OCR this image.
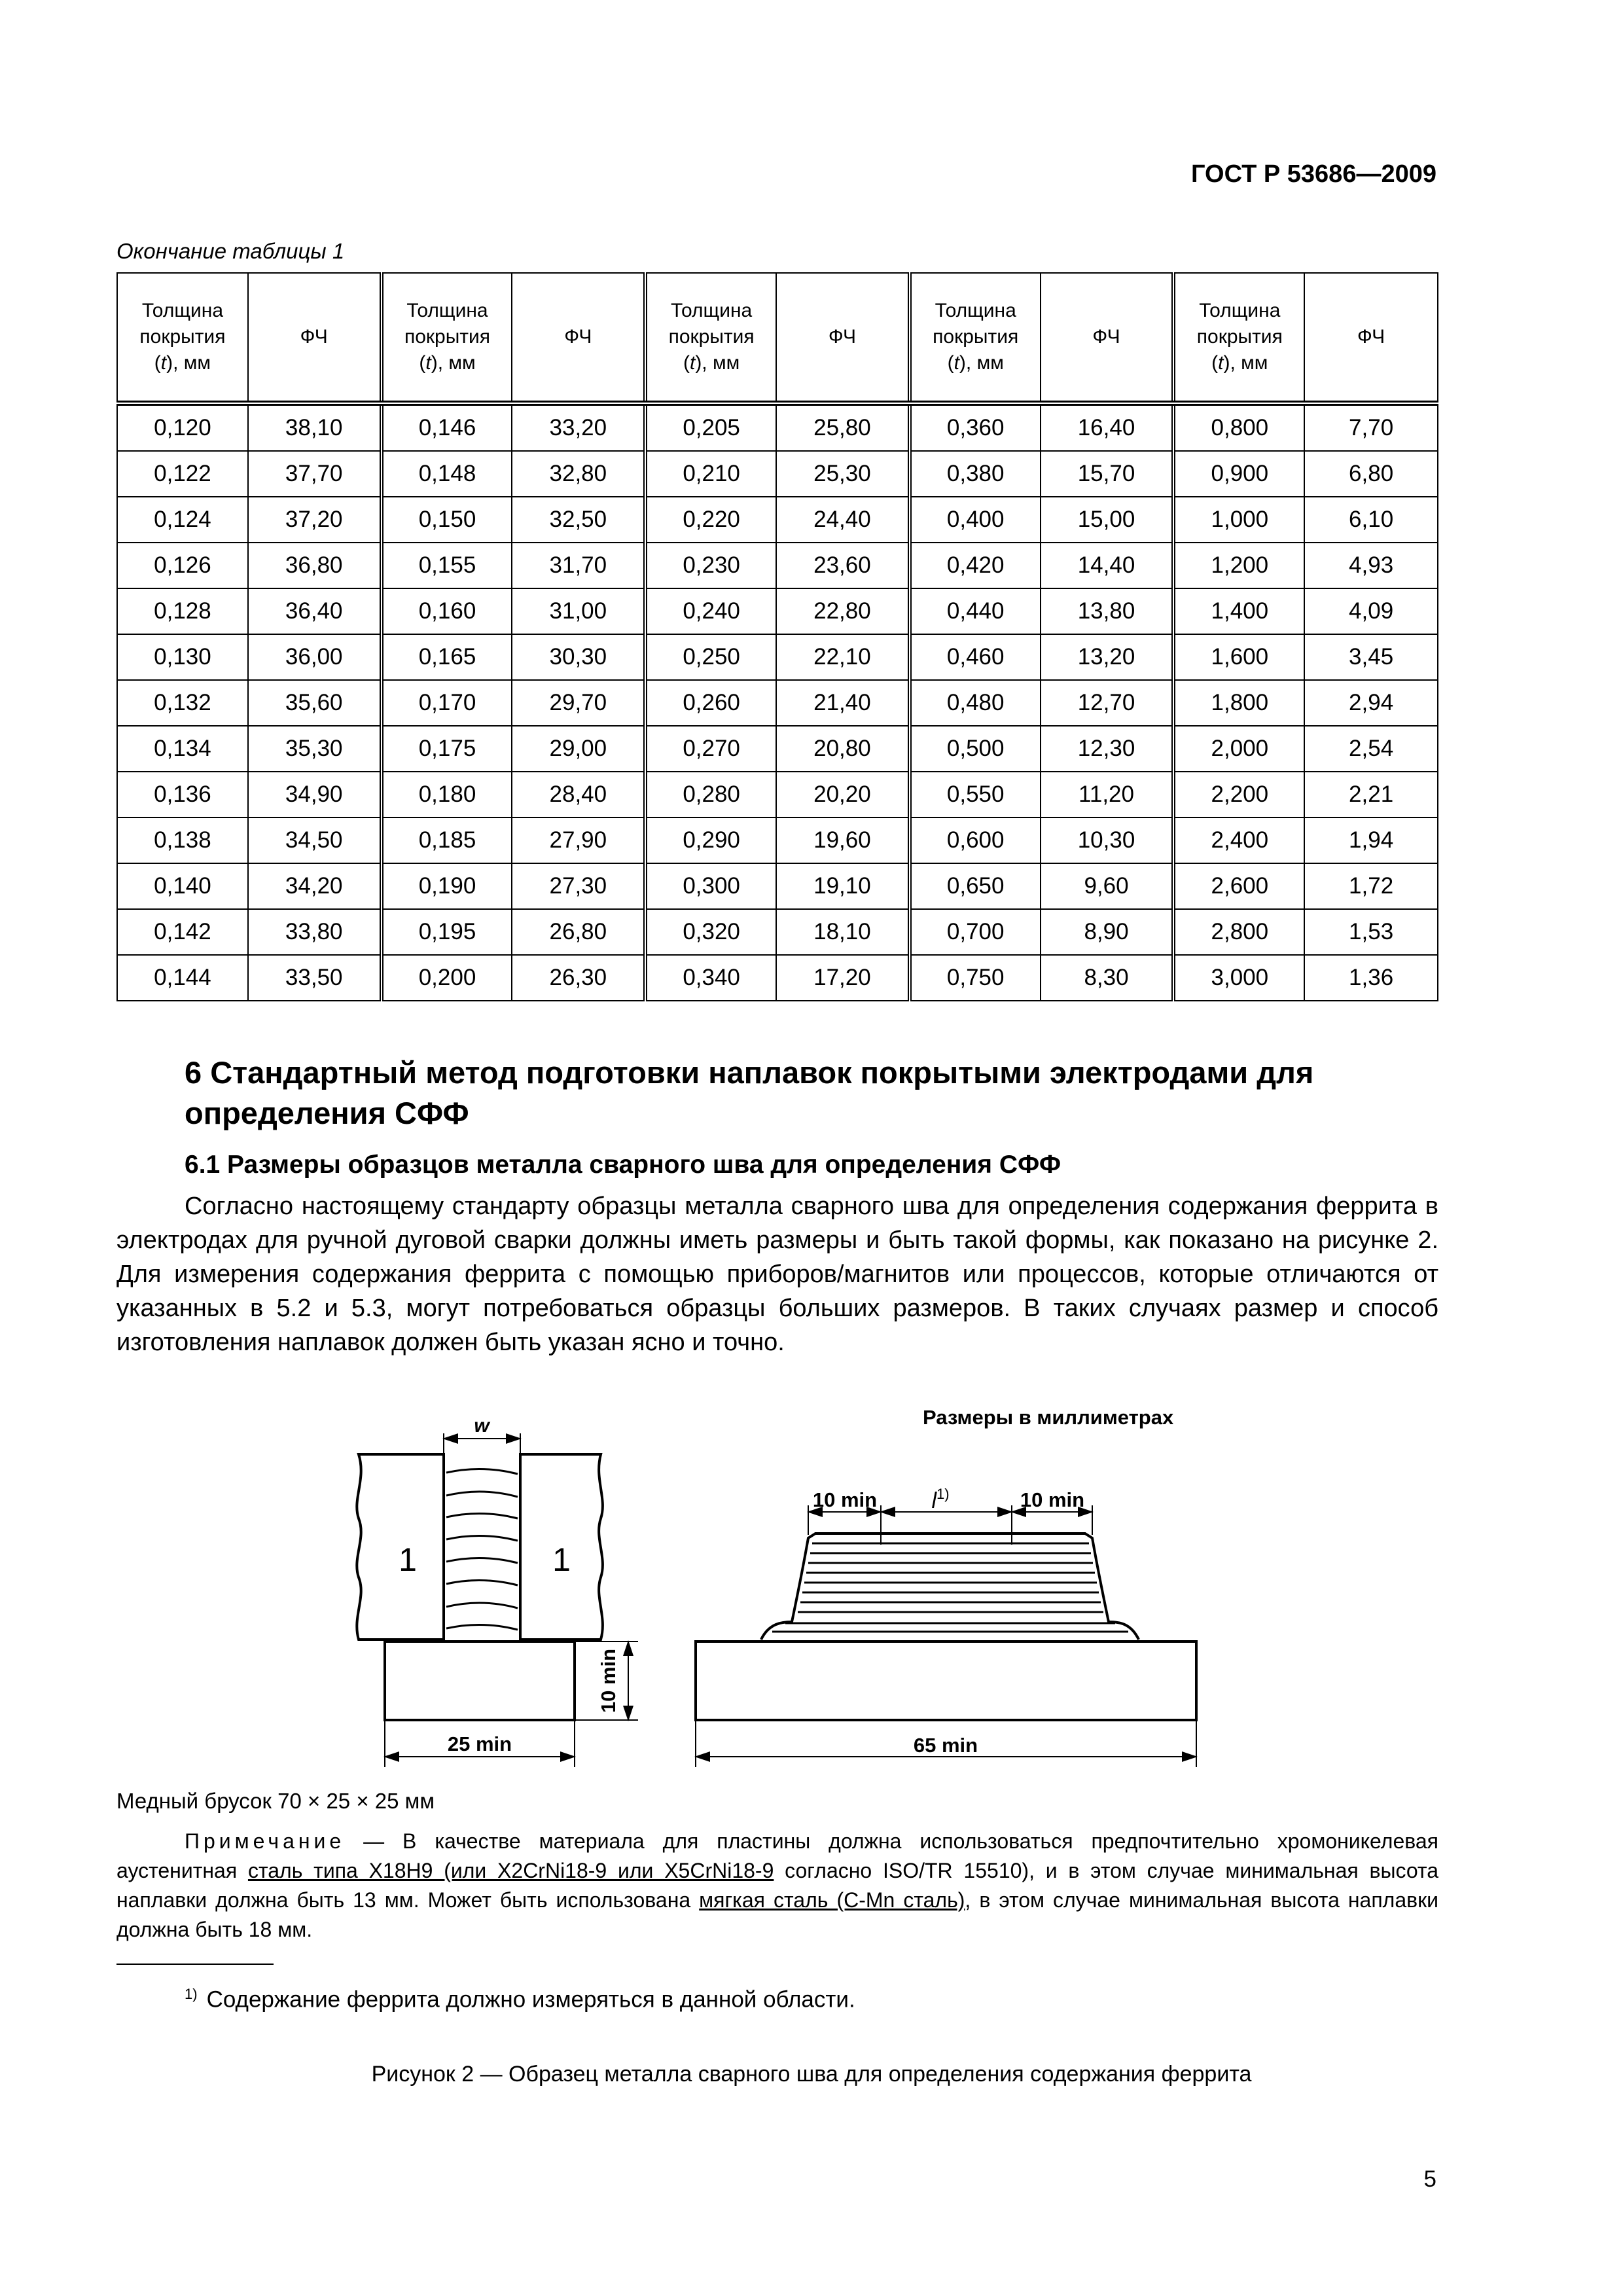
ГОСТ Р 53686—2009
Окончание таблицы 1
Толщина
покрытия
(t), мм	ФЧ	Толщина
покрытия
(t), мм	ФЧ	Толщина
покрытия
(t), мм	ФЧ	Толщина
покрытия
(t), мм	ФЧ	Толщина
покрытия
(t), мм	ФЧ
0,120	38,10	0,146	33,20	0,205	25,80	0,360	16,40	0,800	7,70
0,122	37,70	0,148	32,80	0,210	25,30	0,380	15,70	0,900	6,80
0,124	37,20	0,150	32,50	0,220	24,40	0,400	15,00	1,000	6,10
0,126	36,80	0,155	31,70	0,230	23,60	0,420	14,40	1,200	4,93
0,128	36,40	0,160	31,00	0,240	22,80	0,440	13,80	1,400	4,09
0,130	36,00	0,165	30,30	0,250	22,10	0,460	13,20	1,600	3,45
0,132	35,60	0,170	29,70	0,260	21,40	0,480	12,70	1,800	2,94
0,134	35,30	0,175	29,00	0,270	20,80	0,500	12,30	2,000	2,54
0,136	34,90	0,180	28,40	0,280	20,20	0,550	11,20	2,200	2,21
0,138	34,50	0,185	27,90	0,290	19,60	0,600	10,30	2,400	1,94
0,140	34,20	0,190	27,30	0,300	19,10	0,650	9,60	2,600	1,72
0,142	33,80	0,195	26,80	0,320	18,10	0,700	8,90	2,800	1,53
0,144	33,50	0,200	26,30	0,340	17,20	0,750	8,30	3,000	1,36
6 Стандартный метод подготовки наплавок покрытыми электродами для определения СФФ
6.1 Размеры образцов металла сварного шва для определения СФФ
Согласно настоящему стандарту образцы металла сварного шва для определения содержания феррита в электродах для ручной дуговой сварки должны иметь размеры и быть такой формы, как показано на рисунке 2. Для измерения содержания феррита с помощью приборов/магнитов или процессов, которые отличаются от указанных в 5.2 и 5.3, могут потребоваться образцы больших размеров. В таких случаях размер и способ изготовления наплавок должен быть указан ясно и точно.
Размеры в миллиметрах
w
1	1
10 min
25 min	65 min
10 min	10 min
$l^{1)}$
Медный брусок 70 × 25 × 25 мм
Примечание — В качестве материала для пластины должна использоваться предпочтительно хромоникелевая аустенитная сталь типа X18H9 (или X2CrNi18-9 или X5CrNi18-9 согласно ISO/TR 15510), и в этом случае минимальная высота наплавки должна быть 13 мм. Может быть использована мягкая сталь (C-Mn сталь), в этом случае минимальная высота наплавки должна быть 18 мм.
$^{1)}$ Содержание феррита должно измеряться в данной области.
Рисунок 2 — Образец металла сварного шва для определения содержания феррита
5
